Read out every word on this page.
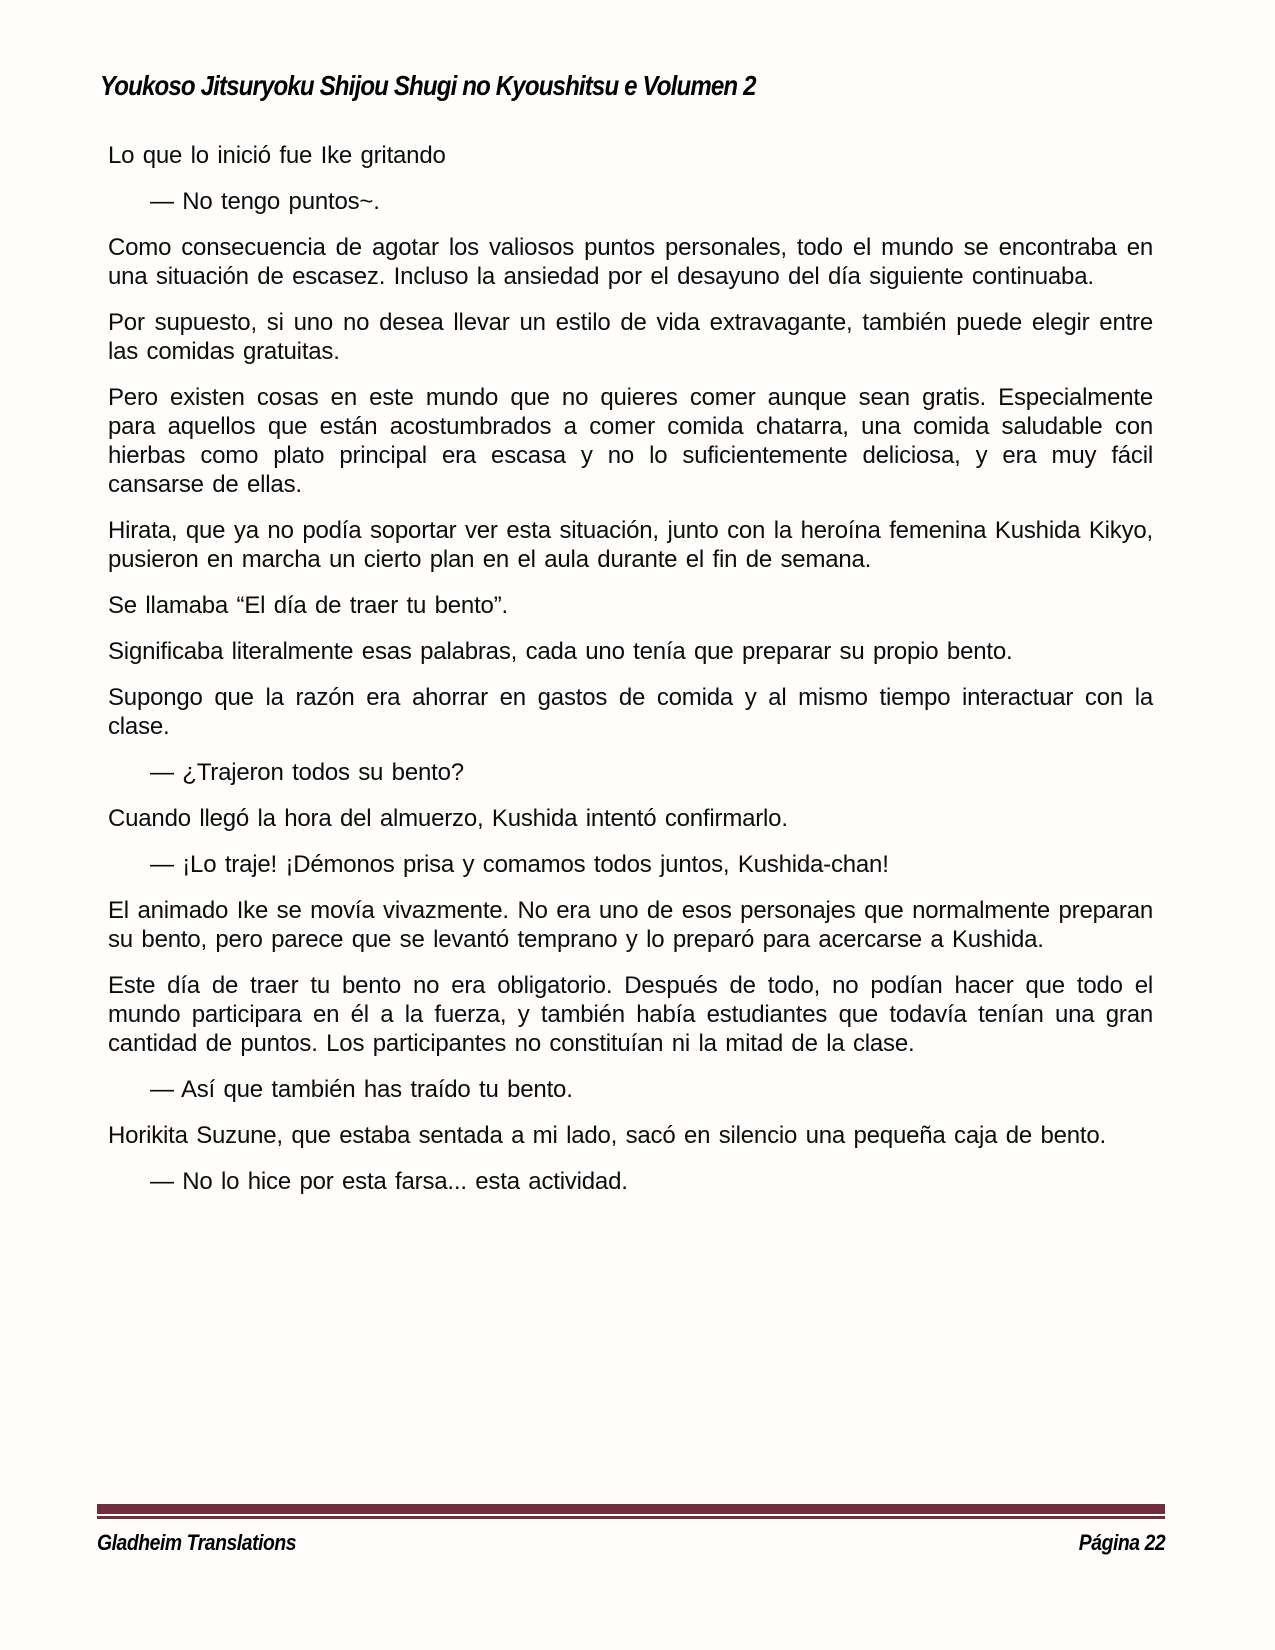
Youkoso Jitsuryoku Shijou Shugi no Kyoushitsu e Volumen 2

Lo que lo inició fue Ike gritando

— No tengo puntos~.

Como consecuencia de agotar los valiosos puntos personales, todo el mundo se encontraba en una situación de escasez. Incluso la ansiedad por el desayuno del día siguiente continuaba.

Por supuesto, si uno no desea llevar un estilo de vida extravagante, también puede elegir entre las comidas gratuitas.

Pero existen cosas en este mundo que no quieres comer aunque sean gratis. Especialmente para aquellos que están acostumbrados a comer comida chatarra, una comida saludable con hierbas como plato principal era escasa y no lo suficientemente deliciosa, y era muy fácil cansarse de ellas.

Hirata, que ya no podía soportar ver esta situación, junto con la heroína femenina Kushida Kikyo, pusieron en marcha un cierto plan en el aula durante el fin de semana.

Se llamaba “El día de traer tu bento”.

Significaba literalmente esas palabras, cada uno tenía que preparar su propio bento.

Supongo que la razón era ahorrar en gastos de comida y al mismo tiempo interactuar con la clase.

— ¿Trajeron todos su bento?

Cuando llegó la hora del almuerzo, Kushida intentó confirmarlo.

— ¡Lo traje! ¡Démonos prisa y comamos todos juntos, Kushida-chan!

El animado Ike se movía vivazmente. No era uno de esos personajes que normalmente preparan su bento, pero parece que se levantó temprano y lo preparó para acercarse a Kushida.

Este día de traer tu bento no era obligatorio. Después de todo, no podían hacer que todo el mundo participara en él a la fuerza, y también había estudiantes que todavía tenían una gran cantidad de puntos. Los participantes no constituían ni la mitad de la clase.

— Así que también has traído tu bento.

Horikita Suzune, que estaba sentada a mi lado, sacó en silencio una pequeña caja de bento.

— No lo hice por esta farsa... esta actividad.

Gladheim Translations	Página 22
